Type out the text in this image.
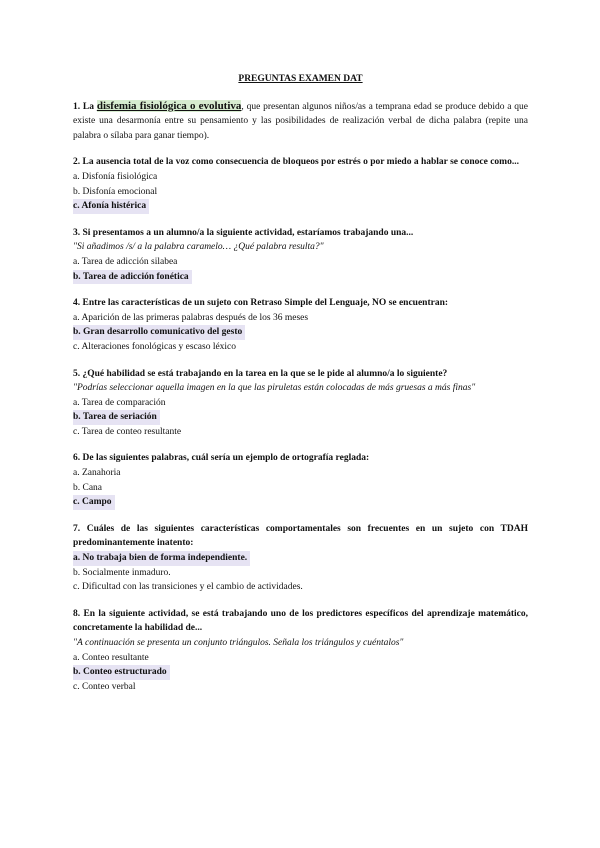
PREGUNTAS EXAMEN DAT
1. La disfemia fisiológica o evolutiva, que presentan algunos niños/as a temprana edad se produce debido a que existe una desarmonía entre su pensamiento y las posibilidades de realización verbal de dicha palabra (repite una palabra o sílaba para ganar tiempo).
2. La ausencia total de la voz como consecuencia de bloqueos por estrés o por miedo a hablar se conoce como...
a. Disfonía fisiológica
b. Disfonía emocional
c. Afonía histérica
3. Si presentamos a un alumno/a la siguiente actividad, estaríamos trabajando una...
"Si añadimos /s/ a la palabra caramelo… ¿Qué palabra resulta?"
a. Tarea de adicción silabea
b. Tarea de adicción fonética
4. Entre las características de un sujeto con Retraso Simple del Lenguaje, NO se encuentran:
a. Aparición de las primeras palabras después de los 36 meses
b. Gran desarrollo comunicativo del gesto
c. Alteraciones fonológicas y escaso léxico
5. ¿Qué habilidad se está trabajando en la tarea en la que se le pide al alumno/a lo siguiente?
"Podrías seleccionar aquella imagen en la que las piruletas están colocadas de más gruesas a más finas"
a. Tarea de comparación
b. Tarea de seriación
c. Tarea de conteo resultante
6. De las siguientes palabras, cuál sería un ejemplo de ortografía reglada:
a. Zanahoria
b. Cana
c. Campo
7. Cuáles de las siguientes características comportamentales son frecuentes en un sujeto con TDAH predominantemente inatento:
a. No trabaja bien de forma independiente.
b. Socialmente inmaduro.
c. Dificultad con las transiciones y el cambio de actividades.
8. En la siguiente actividad, se está trabajando uno de los predictores específicos del aprendizaje matemático, concretamente la habilidad de...
"A continuación se presenta un conjunto triángulos. Señala los triángulos y cuéntalos"
a. Conteo resultante
b. Conteo estructurado
c. Conteo verbal
